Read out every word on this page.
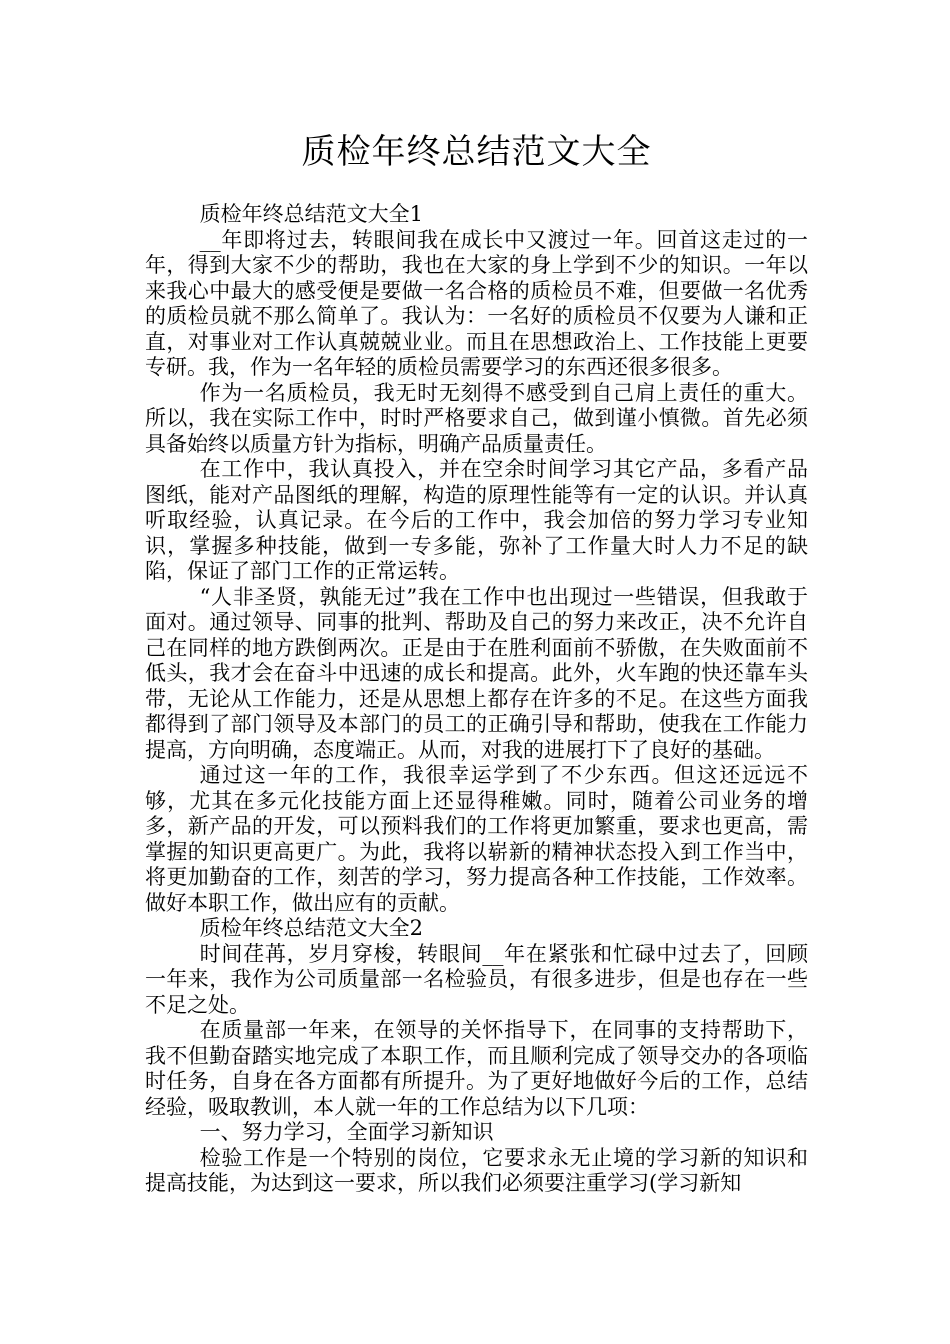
质检年终总结范文大全

质检年终总结范文大全1

__年即将过去，转眼间我在成长中又渡过一年。回首这走过的一年，得到大家不少的帮助，我也在大家的身上学到不少的知识。一年以来我心中最大的感受便是要做一名合格的质检员不难，但要做一名优秀的质检员就不那么简单了。我认为：一名好的质检员不仅要为人谦和正直，对事业对工作认真兢兢业业。而且在思想政治上、工作技能上更要专研。我，作为一名年轻的质检员需要学习的东西还很多很多。

作为一名质检员，我无时无刻得不感受到自己肩上责任的重大。所以，我在实际工作中，时时严格要求自己，做到谨小慎微。首先必须具备始终以质量方针为指标，明确产品质量责任。

在工作中，我认真投入，并在空余时间学习其它产品，多看产品图纸，能对产品图纸的理解，构造的原理性能等有一定的认识。并认真听取经验，认真记录。在今后的工作中，我会加倍的努力学习专业知识，掌握多种技能，做到一专多能，弥补了工作量大时人力不足的缺陷，保证了部门工作的正常运转。

“人非圣贤，孰能无过”我在工作中也出现过一些错误，但我敢于面对。通过领导、同事的批判、帮助及自己的努力来改正，决不允许自己在同样的地方跌倒两次。正是由于在胜利面前不骄傲，在失败面前不低头，我才会在奋斗中迅速的成长和提高。此外，火车跑的快还靠车头带，无论从工作能力，还是从思想上都存在许多的不足。在这些方面我都得到了部门领导及本部门的员工的正确引导和帮助，使我在工作能力提高，方向明确，态度端正。从而，对我的进展打下了良好的基础。

通过这一年的工作，我很幸运学到了不少东西。但这还远远不够，尤其在多元化技能方面上还显得稚嫩。同时，随着公司业务的增多，新产品的开发，可以预料我们的工作将更加繁重，要求也更高，需掌握的知识更高更广。为此，我将以崭新的精神状态投入到工作当中，将更加勤奋的工作，刻苦的学习，努力提高各种工作技能，工作效率。做好本职工作，做出应有的贡献。

质检年终总结范文大全2

时间荏苒，岁月穿梭，转眼间__年在紧张和忙碌中过去了，回顾一年来，我作为公司质量部一名检验员，有很多进步，但是也存在一些不足之处。

在质量部一年来，在领导的关怀指导下，在同事的支持帮助下，我不但勤奋踏实地完成了本职工作，而且顺利完成了领导交办的各项临时任务，自身在各方面都有所提升。为了更好地做好今后的工作，总结经验，吸取教训，本人就一年的工作总结为以下几项：

一、努力学习，全面学习新知识

检验工作是一个特别的岗位，它要求永无止境的学习新的知识和提高技能，为达到这一要求，所以我们必须要注重学习(学习新知
